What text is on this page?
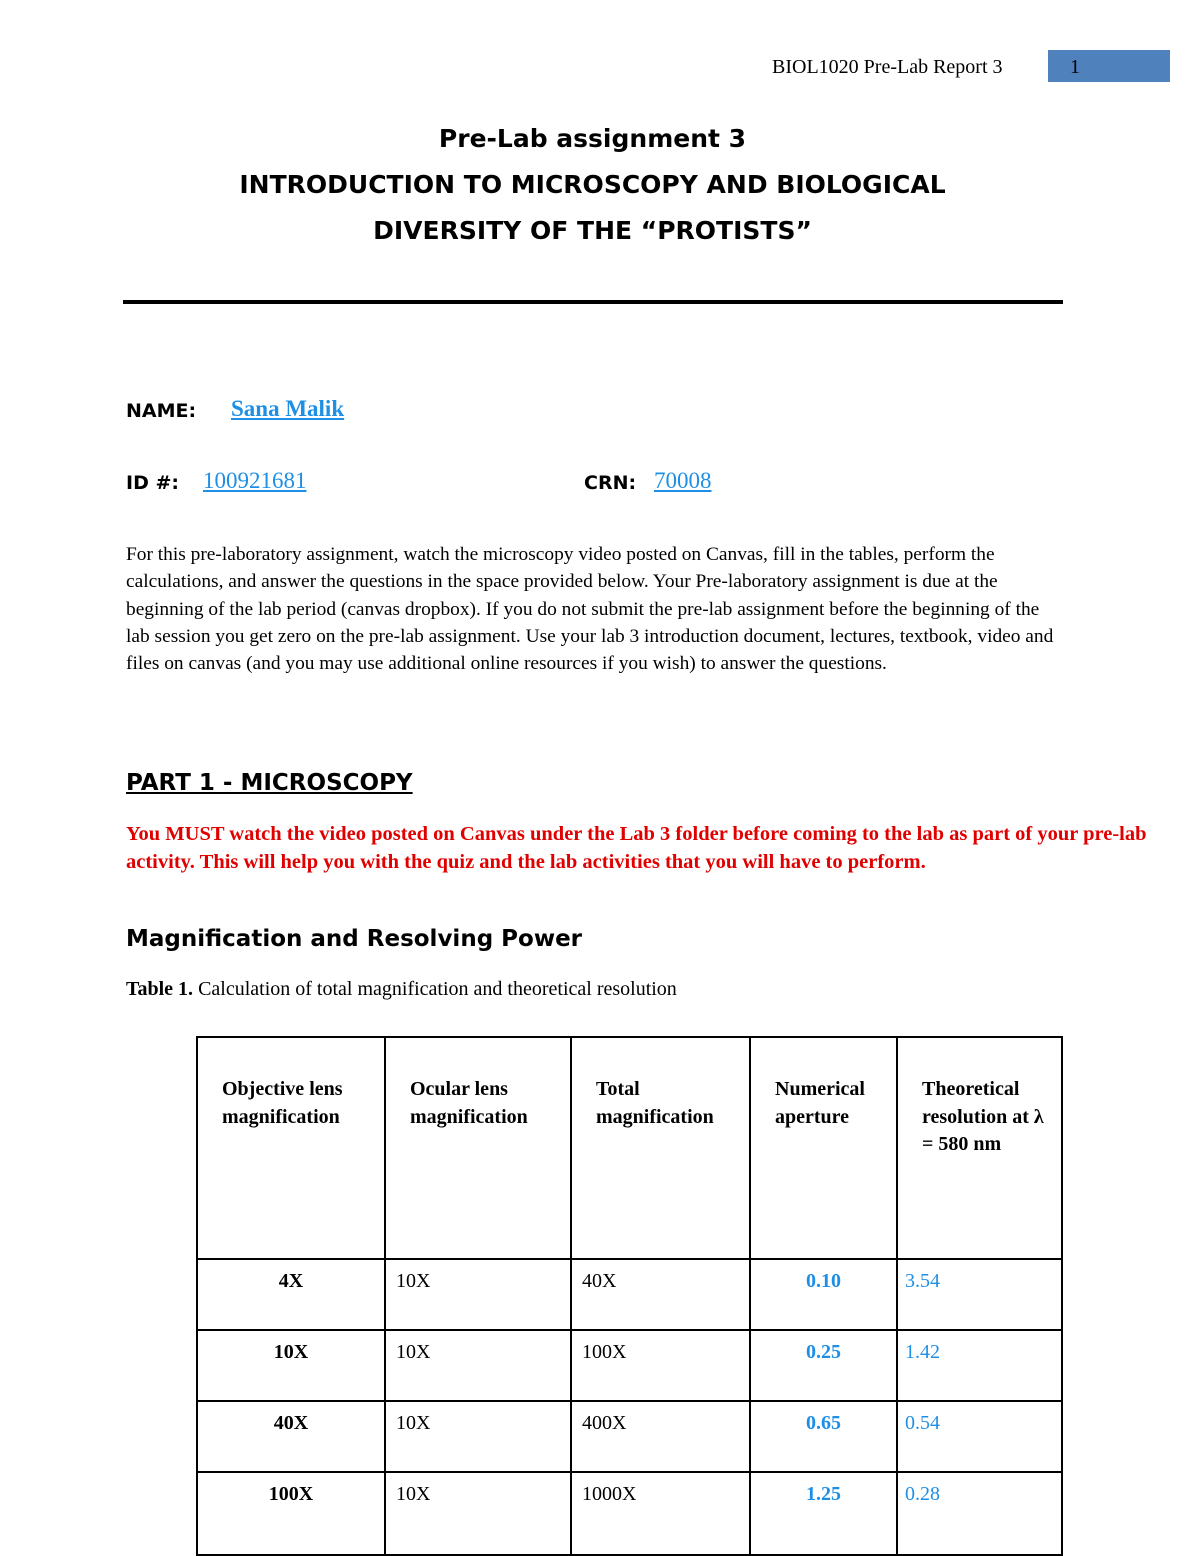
BIOL1020 Pre-Lab Report 3	1
Pre-Lab assignment 3
INTRODUCTION TO MICROSCOPY AND BIOLOGICAL
DIVERSITY OF THE “PROTISTS”
NAME: Sana Malik
ID #: 100921681	CRN: 70008
For this pre-laboratory assignment, watch the microscopy video posted on Canvas, fill in the tables, perform the calculations, and answer the questions in the space provided below. Your Pre-laboratory assignment is due at the beginning of the lab period (canvas dropbox). If you do not submit the pre-lab assignment before the beginning of the lab session you get zero on the pre-lab assignment. Use your lab 3 introduction document, lectures, textbook, video and files on canvas (and you may use additional online resources if you wish) to answer the questions.
PART 1 - MICROSCOPY
You MUST watch the video posted on Canvas under the Lab 3 folder before coming to the lab as part of your pre-lab activity. This will help you with the quiz and the lab activities that you will have to perform.
Magnification and Resolving Power
Table 1. Calculation of total magnification and theoretical resolution
Objective lens magnification	Ocular lens magnification	Total magnification	Numerical aperture	Theoretical resolution at λ = 580 nm
4X	10X	40X	0.10	3.54
10X	10X	100X	0.25	1.42
40X	10X	400X	0.65	0.54
100X	10X	1000X	1.25	0.28
